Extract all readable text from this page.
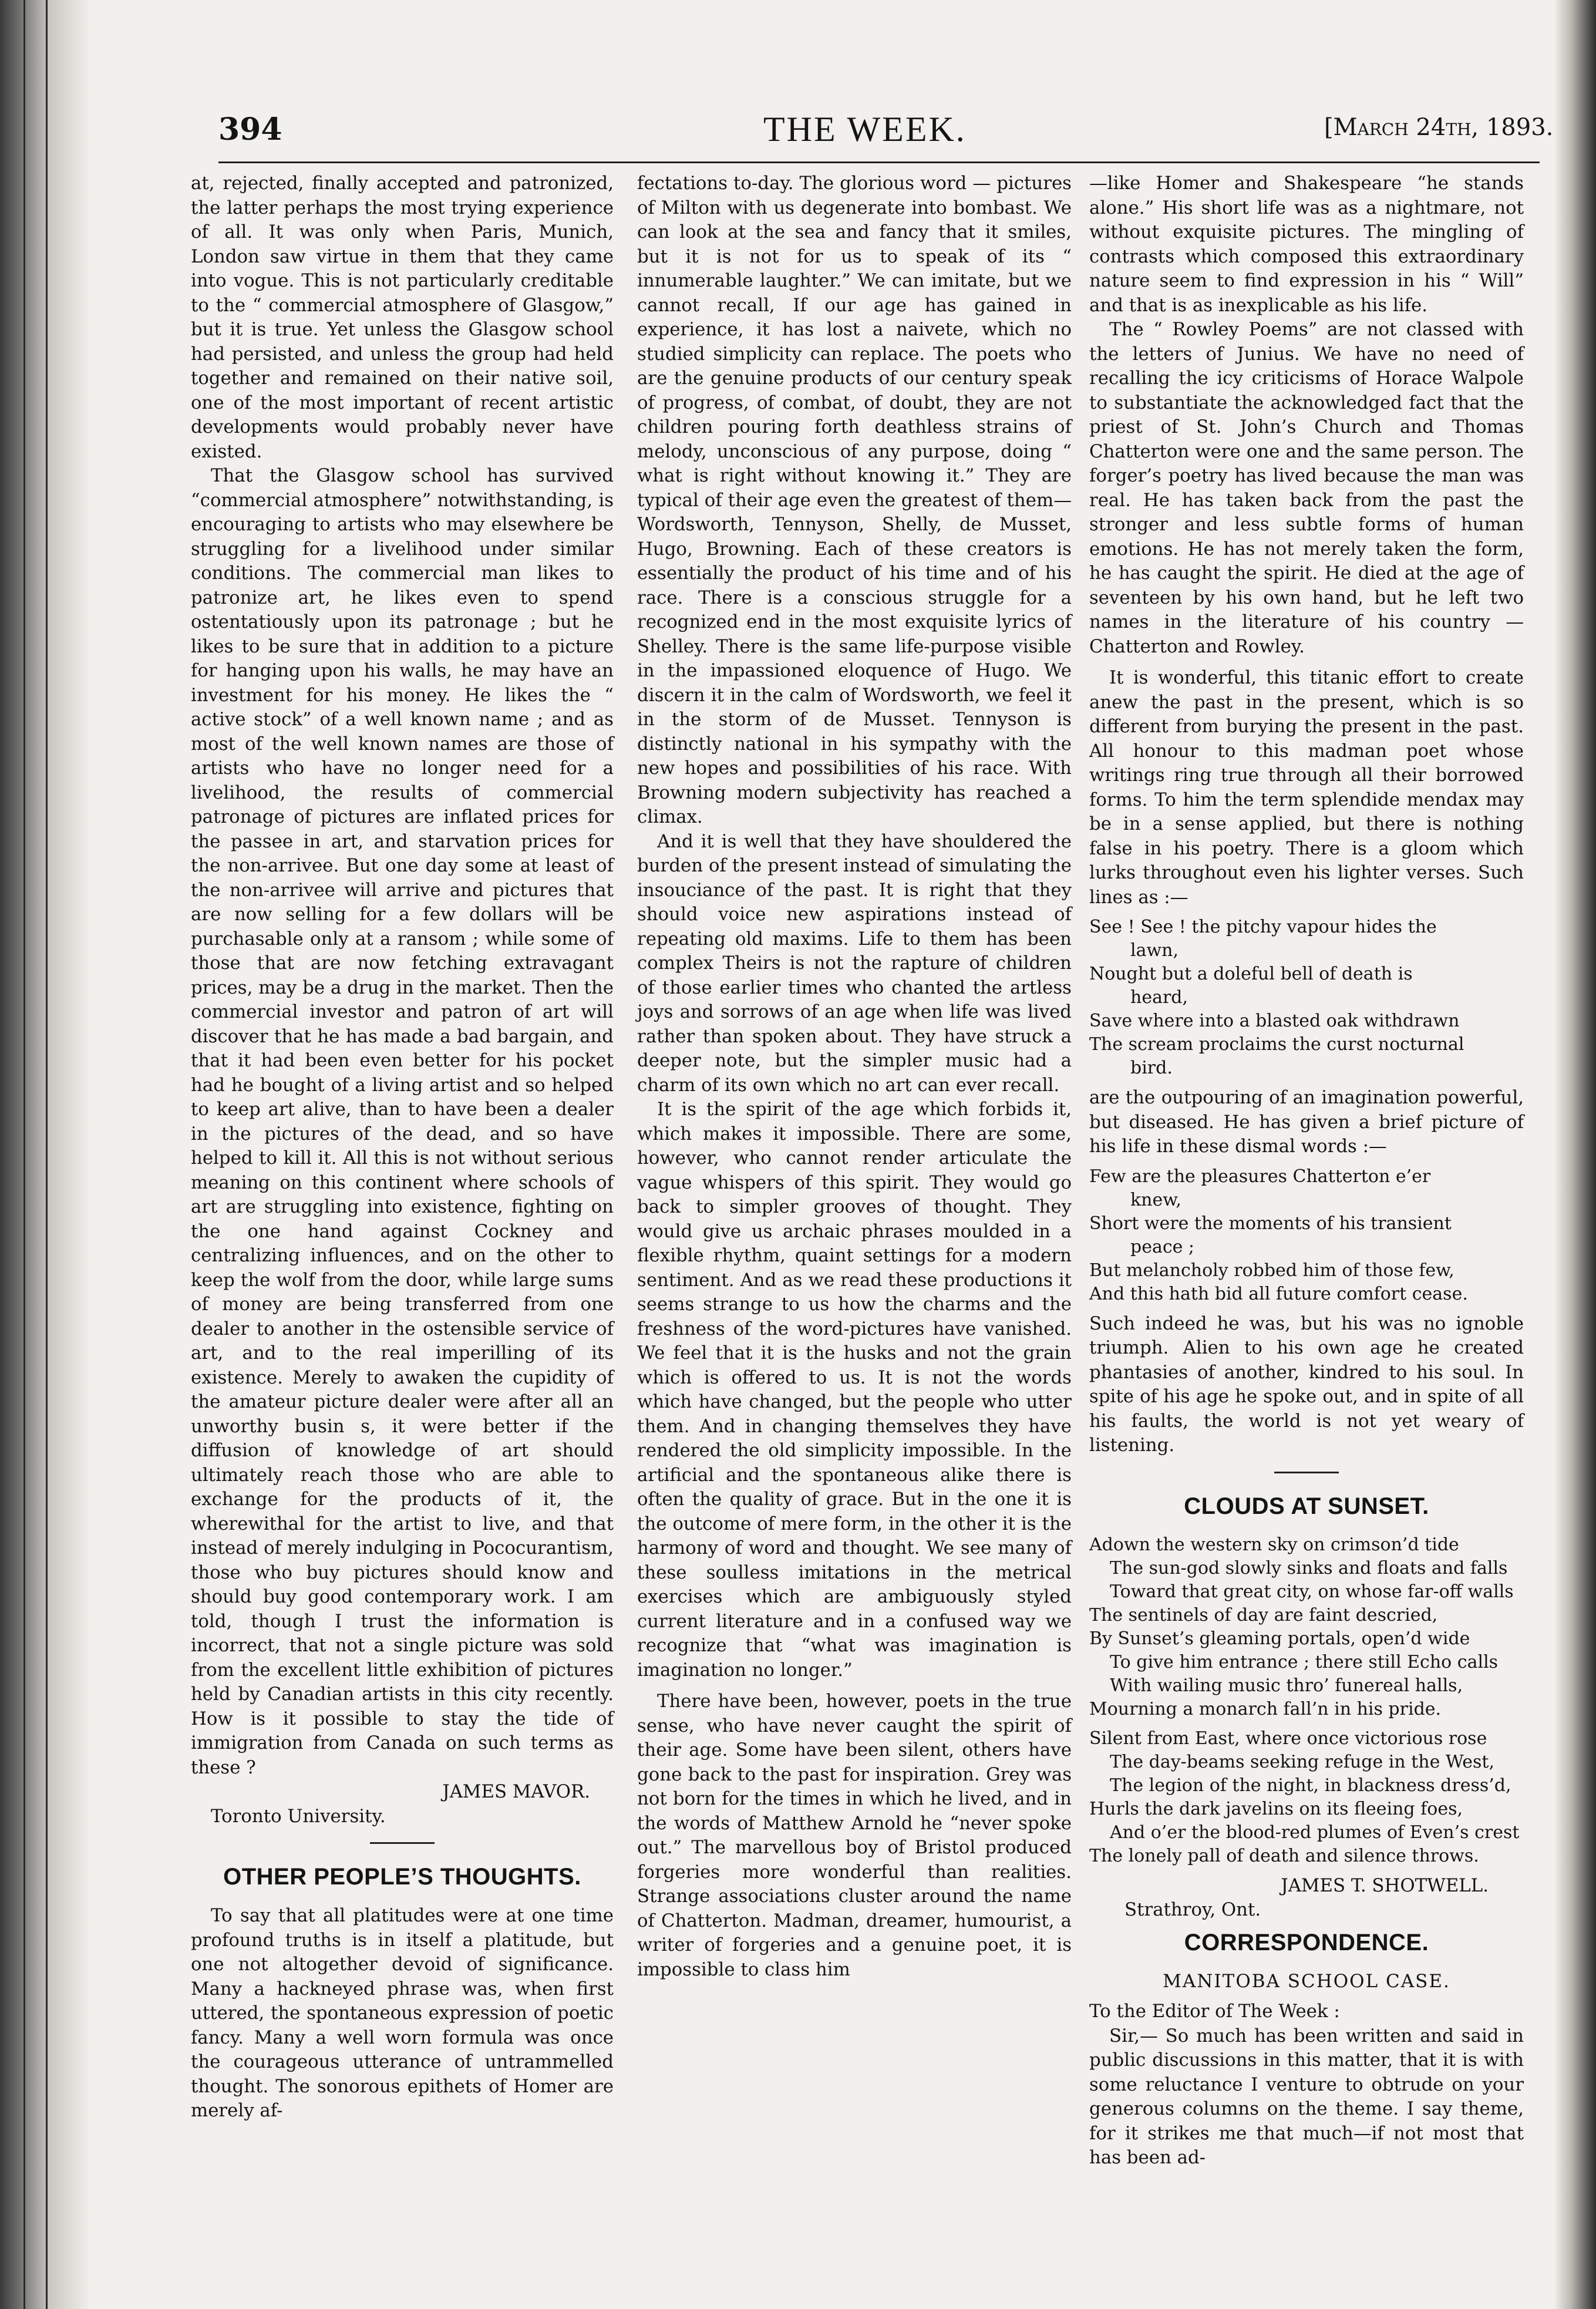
394	THE WEEK.	[March 24th, 1893.

at, rejected, finally accepted and patronized, the latter perhaps the most trying experience of all. It was only when Paris, Munich, London saw virtue in them that they came into vogue. This is not particularly creditable to the “ commercial atmosphere of Glasgow,” but it is true. Yet unless the Glasgow school had persisted, and unless the group had held together and remained on their native soil, one of the most important of recent artistic developments would probably never have existed.

That the Glasgow school has survived “commercial atmosphere” notwithstanding, is encouraging to artists who may elsewhere be struggling for a livelihood under similar conditions. The commercial man likes to patronize art, he likes even to spend ostentatiously upon its patronage ; but he likes to be sure that in addition to a picture for hanging upon his walls, he may have an investment for his money. He likes the “ active stock” of a well known name ; and as most of the well known names are those of artists who have no longer need for a livelihood, the results of commercial patronage of pictures are inflated prices for the passee in art, and starvation prices for the non-arrivee. But one day some at least of the non-arrivee will arrive and pictures that are now selling for a few dollars will be purchasable only at a ransom ; while some of those that are now fetching extravagant prices, may be a drug in the market. Then the commercial investor and patron of art will discover that he has made a bad bargain, and that it had been even better for his pocket had he bought of a living artist and so helped to keep art alive, than to have been a dealer in the pictures of the dead, and so have helped to kill it. All this is not without serious meaning on this continent where schools of art are struggling into existence, fighting on the one hand against Cockney and centralizing influences, and on the other to keep the wolf from the door, while large sums of money are being transferred from one dealer to another in the ostensible service of art, and to the real imperilling of its existence. Merely to awaken the cupidity of the amateur picture dealer were after all an unworthy busin s, it were better if the diffusion of knowledge of art should ultimately reach those who are able to exchange for the products of it, the wherewithal for the artist to live, and that instead of merely indulging in Pococurantism, those who buy pictures should know and should buy good contemporary work. I am told, though I trust the information is incorrect, that not a single picture was sold from the excellent little exhibition of pictures held by Canadian artists in this city recently. How is it possible to stay the tide of immigration from Canada on such terms as these ?

JAMES MAVOR.

Toronto University.

OTHER PEOPLE’S THOUGHTS.

To say that all platitudes were at one time profound truths is in itself a platitude, but one not altogether devoid of significance. Many a hackneyed phrase was, when first uttered, the spontaneous expression of poetic fancy. Many a well worn formula was once the courageous utterance of untrammelled thought. The sonorous epithets of Homer are merely af-

fectations to-day. The glorious word — pictures of Milton with us degenerate into bombast. We can look at the sea and fancy that it smiles, but it is not for us to speak of its “ innumerable laughter.” We can imitate, but we cannot recall, If our age has gained in experience, it has lost a naivete, which no studied simplicity can replace. The poets who are the genuine products of our century speak of progress, of combat, of doubt, they are not children pouring forth deathless strains of melody, unconscious of any purpose, doing “ what is right without knowing it.” They are typical of their age even the greatest of them—Wordsworth, Tennyson, Shelly, de Musset, Hugo, Browning. Each of these creators is essentially the product of his time and of his race. There is a conscious struggle for a recognized end in the most exquisite lyrics of Shelley. There is the same life-purpose visible in the impassioned eloquence of Hugo. We discern it in the calm of Wordsworth, we feel it in the storm of de Musset. Tennyson is distinctly national in his sympathy with the new hopes and possibilities of his race. With Browning modern subjectivity has reached a climax.

And it is well that they have shouldered the burden of the present instead of simulating the insouciance of the past. It is right that they should voice new aspirations instead of repeating old maxims. Life to them has been complex Theirs is not the rapture of children of those earlier times who chanted the artless joys and sorrows of an age when life was lived rather than spoken about. They have struck a deeper note, but the simpler music had a charm of its own which no art can ever recall.

It is the spirit of the age which forbids it, which makes it impossible. There are some, however, who cannot render articulate the vague whispers of this spirit. They would go back to simpler grooves of thought. They would give us archaic phrases moulded in a flexible rhythm, quaint settings for a modern sentiment. And as we read these productions it seems strange to us how the charms and the freshness of the word-pictures have vanished. We feel that it is the husks and not the grain which is offered to us. It is not the words which have changed, but the people who utter them. And in changing themselves they have rendered the old simplicity impossible. In the artificial and the spontaneous alike there is often the quality of grace. But in the one it is the outcome of mere form, in the other it is the harmony of word and thought. We see many of these soulless imitations in the metrical exercises which are ambiguously styled current literature and in a confused way we recognize that “what was imagination is imagination no longer.”

There have been, however, poets in the true sense, who have never caught the spirit of their age. Some have been silent, others have gone back to the past for inspiration. Grey was not born for the times in which he lived, and in the words of Matthew Arnold he “never spoke out.” The marvellous boy of Bristol produced forgeries more wonderful than realities. Strange associations cluster around the name of Chatterton. Madman, dreamer, humourist, a writer of forgeries and a genuine poet, it is impossible to class him

—like Homer and Shakespeare “he stands alone.” His short life was as a nightmare, not without exquisite pictures. The mingling of contrasts which composed this extraordinary nature seem to find expression in his “ Will” and that is as inexplicable as his life.

The “ Rowley Poems” are not classed with the letters of Junius. We have no need of recalling the icy criticisms of Horace Walpole to substantiate the acknowledged fact that the priest of St. John’s Church and Thomas Chatterton were one and the same person. The forger’s poetry has lived because the man was real. He has taken back from the past the stronger and less subtle forms of human emotions. He has not merely taken the form, he has caught the spirit. He died at the age of seventeen by his own hand, but he left two names in the literature of his country —Chatterton and Rowley.

It is wonderful, this titanic effort to create anew the past in the present, which is so different from burying the present in the past. All honour to this madman poet whose writings ring true through all their borrowed forms. To him the term splendide mendax may be in a sense applied, but there is nothing false in his poetry. There is a gloom which lurks throughout even his lighter verses. Such lines as :—

See ! See ! the pitchy vapour hides the
lawn,
Nought but a doleful bell of death is
heard,
Save where into a blasted oak withdrawn
The scream proclaims the curst nocturnal
bird.

are the outpouring of an imagination powerful, but diseased. He has given a brief picture of his life in these dismal words :—

Few are the pleasures Chatterton e’er
knew,
Short were the moments of his transient
peace ;
But melancholy robbed him of those few,
And this hath bid all future comfort cease.

Such indeed he was, but his was no ignoble triumph. Alien to his own age he created phantasies of another, kindred to his soul. In spite of his age he spoke out, and in spite of all his faults, the world is not yet weary of listening.

CLOUDS AT SUNSET.
Adown the western sky on crimson’d tide
The sun-god slowly sinks and floats and falls
Toward that great city, on whose far-off walls
The sentinels of day are faint descried,
By Sunset’s gleaming portals, open’d wide
To give him entrance ; there still Echo calls
With wailing music thro’ funereal halls,
Mourning a monarch fall’n in his pride.
Silent from East, where once victorious rose
The day-beams seeking refuge in the West,
The legion of the night, in blackness dress’d,
Hurls the dark javelins on its fleeing foes,
And o’er the blood-red plumes of Even’s crest
The lonely pall of death and silence throws.

JAMES T. SHOTWELL.

Strathroy, Ont.

CORRESPONDENCE.
MANITOBA SCHOOL CASE.

To the Editor of The Week :

Sir,— So much has been written and said in public discussions in this matter, that it is with some reluctance I venture to obtrude on your generous columns on the theme. I say theme, for it strikes me that much—if not most that has been ad-
